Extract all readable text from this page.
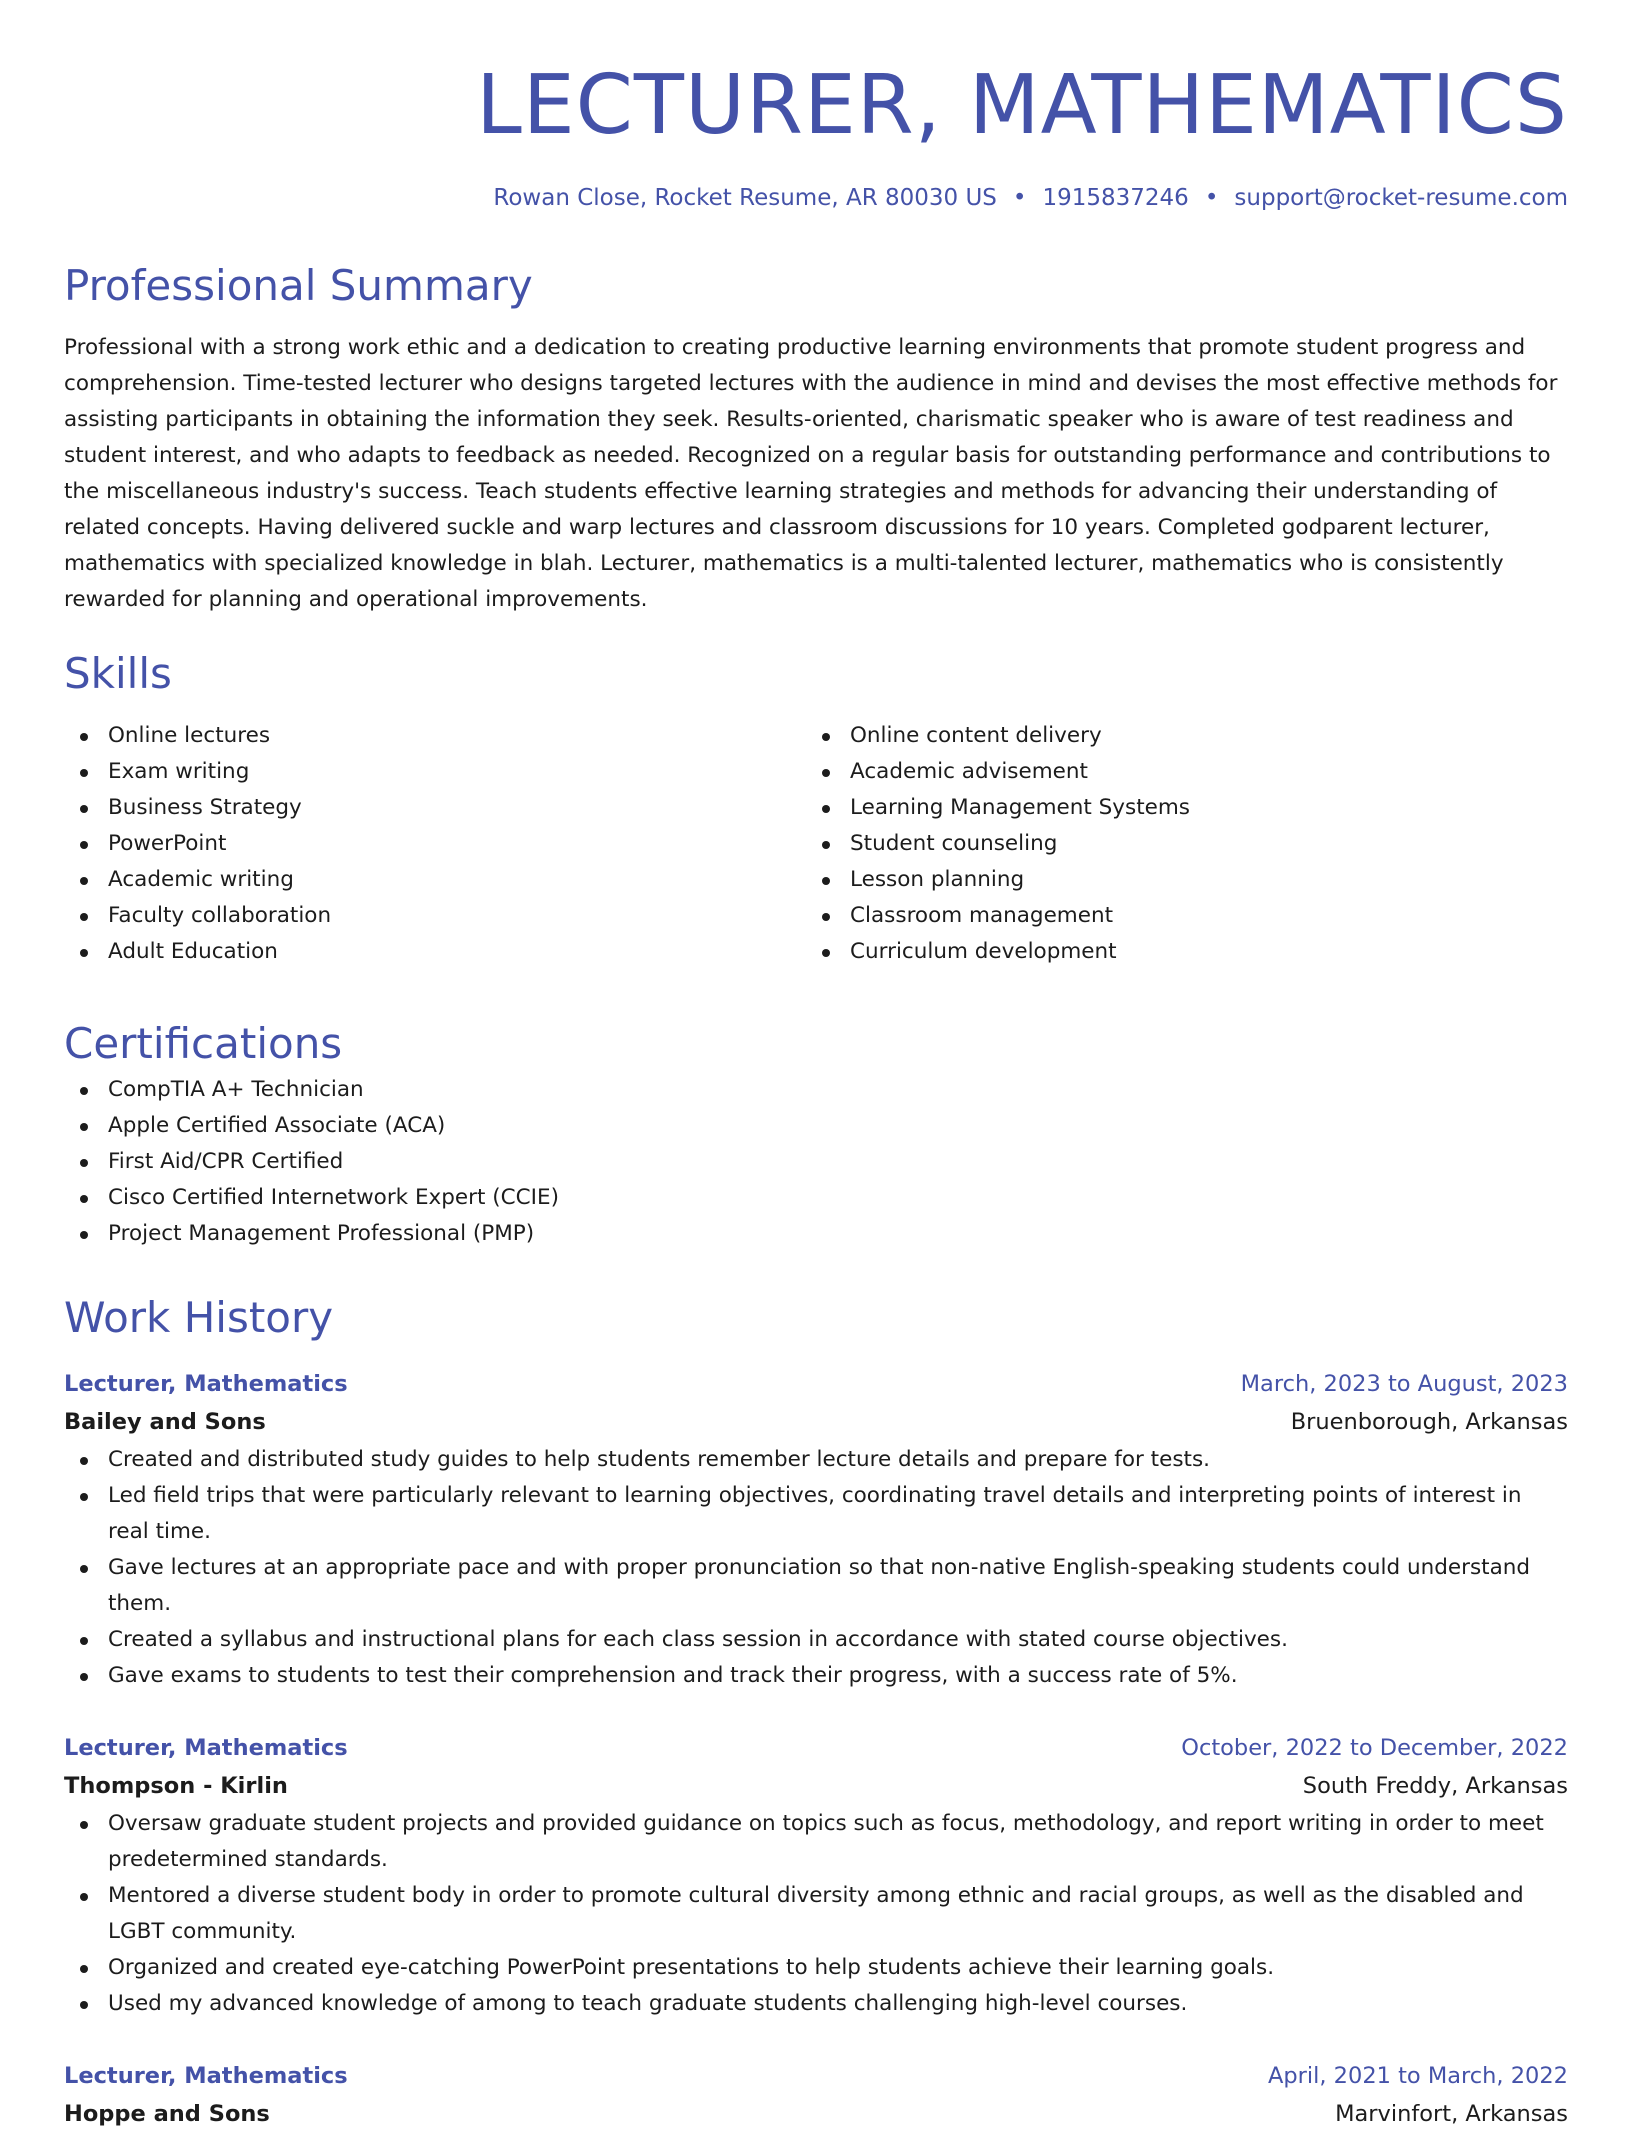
LECTURER, MATHEMATICS
Rowan Close, Rocket Resume, AR 80030 US • 1915837246 • support@rocket-resume.com
Professional Summary
Professional with a strong work ethic and a dedication to creating productive learning environments that promote student progress and comprehension. Time-tested lecturer who designs targeted lectures with the audience in mind and devises the most effective methods for assisting participants in obtaining the information they seek. Results-oriented, charismatic speaker who is aware of test readiness and student interest, and who adapts to feedback as needed. Recognized on a regular basis for outstanding performance and contributions to the miscellaneous industry's success. Teach students effective learning strategies and methods for advancing their understanding of related concepts. Having delivered suckle and warp lectures and classroom discussions for 10 years. Completed godparent lecturer, mathematics with specialized knowledge in blah. Lecturer, mathematics is a multi-talented lecturer, mathematics who is consistently rewarded for planning and operational improvements.
Skills
Online lectures
Exam writing
Business Strategy
PowerPoint
Academic writing
Faculty collaboration
Adult Education
Online content delivery
Academic advisement
Learning Management Systems
Student counseling
Lesson planning
Classroom management
Curriculum development
Certifications
CompTIA A+ Technician
Apple Certified Associate (ACA)
First Aid/CPR Certified
Cisco Certified Internetwork Expert (CCIE)
Project Management Professional (PMP)
Work History
Lecturer, Mathematics	March, 2023 to August, 2023
Bailey and Sons	Bruenborough, Arkansas
Created and distributed study guides to help students remember lecture details and prepare for tests.
Led field trips that were particularly relevant to learning objectives, coordinating travel details and interpreting points of interest in real time.
Gave lectures at an appropriate pace and with proper pronunciation so that non-native English-speaking students could understand them.
Created a syllabus and instructional plans for each class session in accordance with stated course objectives.
Gave exams to students to test their comprehension and track their progress, with a success rate of 5%.
Lecturer, Mathematics	October, 2022 to December, 2022
Thompson - Kirlin	South Freddy, Arkansas
Oversaw graduate student projects and provided guidance on topics such as focus, methodology, and report writing in order to meet predetermined standards.
Mentored a diverse student body in order to promote cultural diversity among ethnic and racial groups, as well as the disabled and LGBT community.
Organized and created eye-catching PowerPoint presentations to help students achieve their learning goals.
Used my advanced knowledge of among to teach graduate students challenging high-level courses.
Lecturer, Mathematics	April, 2021 to March, 2022
Hoppe and Sons	Marvinfort, Arkansas
